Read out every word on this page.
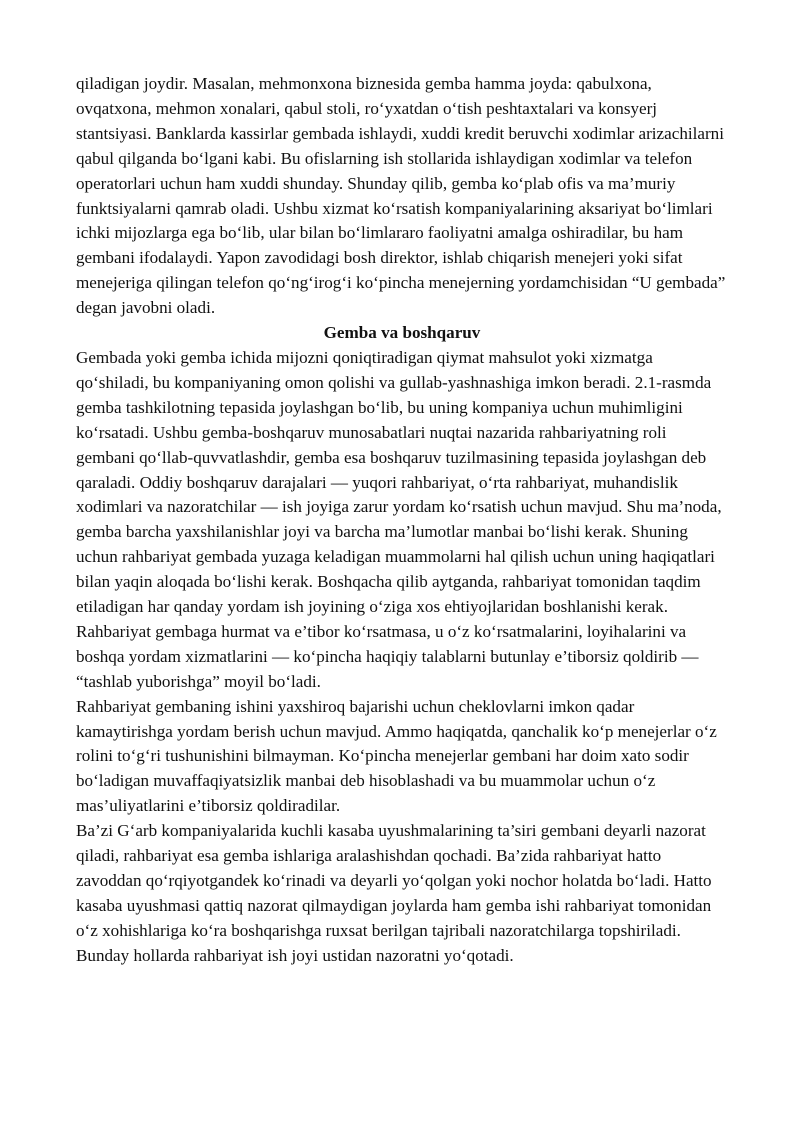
qiladigan joydir. Masalan, mehmonxona biznesida gemba hamma joyda: qabulxona, ovqatxona, mehmon xonalari, qabul stoli, ro‘yxatdan o‘tish peshtaxtalari va konsyerj stantsiyasi. Banklarda kassirlar gembada ishlaydi, xuddi kredit beruvchi xodimlar arizachilarni qabul qilganda bo‘lgani kabi. Bu ofislarning ish stollarida ishlaydigan xodimlar va telefon operatorlari uchun ham xuddi shunday. Shunday qilib, gemba ko‘plab ofis va ma’muriy funktsiyalarni qamrab oladi. Ushbu xizmat ko‘rsatish kompaniyalarining aksariyat bo‘limlari ichki mijozlarga ega bo‘lib, ular bilan bo‘limlararo faoliyatni amalga oshiradilar, bu ham gembani ifodalaydi. Yapon zavodidagi bosh direktor, ishlab chiqarish menejeri yoki sifat menejeriga qilingan telefon qo‘ng‘irog‘i ko‘pincha menejerning yordamchisidan “U gembada” degan javobni oladi.

Gemba va boshqaruv

Gembada yoki gemba ichida mijozni qoniqtiradigan qiymat mahsulot yoki xizmatga qo‘shiladi, bu kompaniyaning omon qolishi va gullab-yashnashiga imkon beradi. 2.1-rasmda gemba tashkilotning tepasida joylashgan bo‘lib, bu uning kompaniya uchun muhimligini ko‘rsatadi. Ushbu gemba-boshqaruv munosabatlari nuqtai nazarida rahbariyatning roli gembani qo‘llab-quvvatlashdir, gemba esa boshqaruv tuzilmasining tepasida joylashgan deb qaraladi. Oddiy boshqaruv darajalari — yuqori rahbariyat, o‘rta rahbariyat, muhandislik xodimlari va nazoratchilar — ish joyiga zarur yordam ko‘rsatish uchun mavjud. Shu ma’noda, gemba barcha yaxshilanishlar joyi va barcha ma’lumotlar manbai bo‘lishi kerak. Shuning uchun rahbariyat gembada yuzaga keladigan muammolarni hal qilish uchun uning haqiqatlari bilan yaqin aloqada bo‘lishi kerak. Boshqacha qilib aytganda, rahbariyat tomonidan taqdim etiladigan har qanday yordam ish joyining o‘ziga xos ehtiyojlaridan boshlanishi kerak. Rahbariyat gembaga hurmat va e’tibor ko‘rsatmasa, u o‘z ko‘rsatmalarini, loyihalarini va boshqa yordam xizmatlarini — ko‘pincha haqiqiy talablarni butunlay e’tiborsiz qoldirib — “tashlab yuborishga” moyil bo‘ladi.

Rahbariyat gembaning ishini yaxshiroq bajarishi uchun cheklovlarni imkon qadar kamaytirishga yordam berish uchun mavjud. Ammo haqiqatda, qanchalik ko‘p menejerlar o‘z rolini to‘g‘ri tushunishini bilmayman. Ko‘pincha menejerlar gembani har doim xato sodir bo‘ladigan muvaffaqiyatsizlik manbai deb hisoblashadi va bu muammolar uchun o‘z mas’uliyatlarini e’tiborsiz qoldiradilar.

Ba’zi G‘arb kompaniyalarida kuchli kasaba uyushmalarining ta’siri gembani deyarli nazorat qiladi, rahbariyat esa gemba ishlariga aralashishdan qochadi. Ba’zida rahbariyat hatto zavoddan qo‘rqiyotgandek ko‘rinadi va deyarli yo‘qolgan yoki nochor holatda bo‘ladi. Hatto kasaba uyushmasi qattiq nazorat qilmaydigan joylarda ham gemba ishi rahbariyat tomonidan o‘z xohishlariga ko‘ra boshqarishga ruxsat berilgan tajribali nazoratchilarga topshiriladi. Bunday hollarda rahbariyat ish joyi ustidan nazoratni yo‘qotadi.
